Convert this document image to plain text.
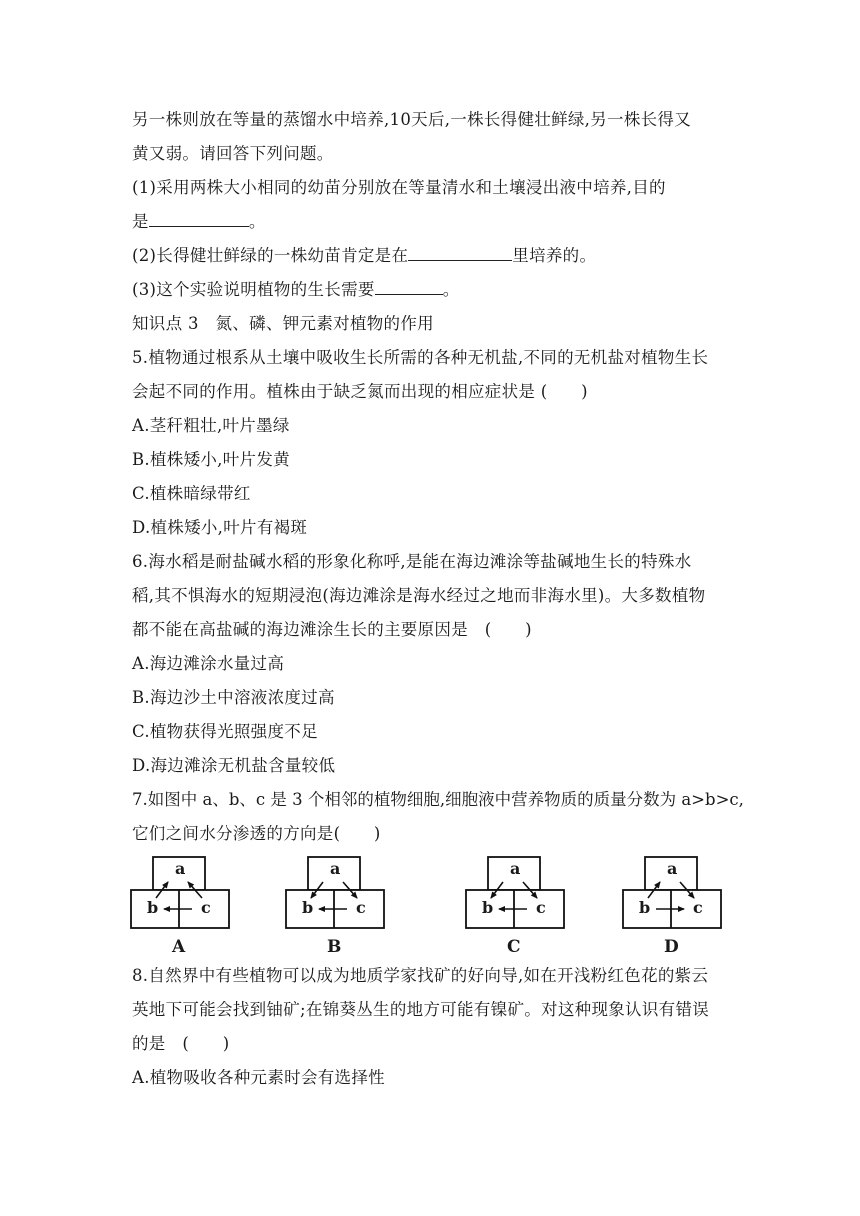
另一株则放在等量的蒸馏水中培养,10天后,一株长得健壮鲜绿,另一株长得又
黄又弱。请回答下列问题。
(1)采用两株大小相同的幼苗分别放在等量清水和土壤浸出液中培养,目的
是	。
(2)长得健壮鲜绿的一株幼苗肯定是在	里培养的。
(3)这个实验说明植物的生长需要	。
知识点 3　氮、磷、钾元素对植物的作用
5.植物通过根系从土壤中吸收生长所需的各种无机盐,不同的无机盐对植物生长
会起不同的作用。植株由于缺乏氮而出现的相应症状是 (　　)
A.茎秆粗壮,叶片墨绿
B.植株矮小,叶片发黄
C.植株暗绿带红
D.植株矮小,叶片有褐斑
6.海水稻是耐盐碱水稻的形象化称呼,是能在海边滩涂等盐碱地生长的特殊水
稻,其不惧海水的短期浸泡(海边滩涂是海水经过之地而非海水里)。大多数植物
都不能在高盐碱的海边滩涂生长的主要原因是　(　　)
A.海边滩涂水量过高
B.海边沙土中溶液浓度过高
C.植物获得光照强度不足
D.海边滩涂无机盐含量较低
7.如图中 a、b、c 是 3 个相邻的植物细胞,细胞液中营养物质的质量分数为 a>b>c,
它们之间水分渗透的方向是(　　)
a
b	c
A
a
b	c
B
a
b	c
C
a
b	c
D
8.自然界中有些植物可以成为地质学家找矿的好向导,如在开浅粉红色花的紫云
英地下可能会找到铀矿;在锦葵丛生的地方可能有镍矿。对这种现象认识有错误
的是　(　　)
A.植物吸收各种元素时会有选择性
